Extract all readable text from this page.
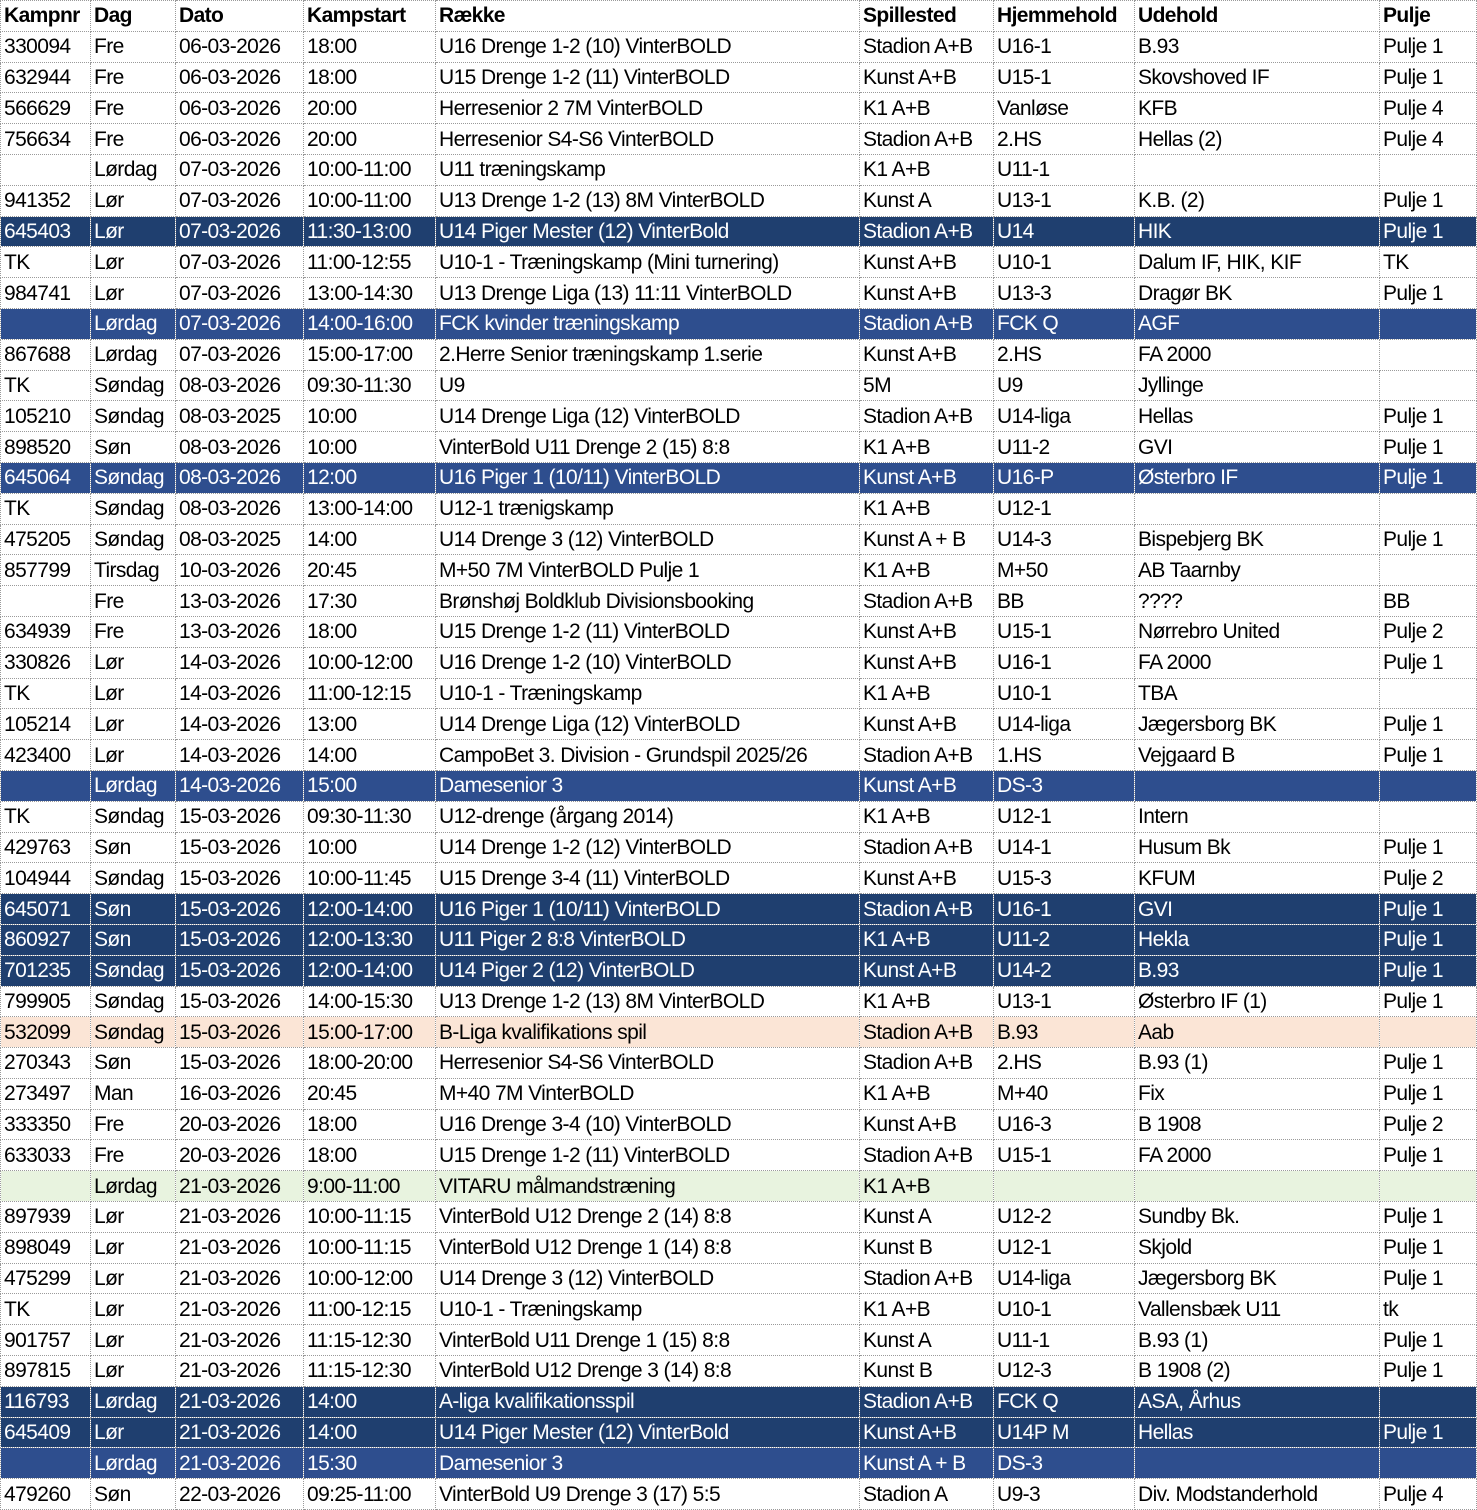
Kampnr	Dag	Dato	Kampstart	Række	Spillested	Hjemmehold	Udehold	Pulje
330094	Fre	06-03-2026	18:00	U16 Drenge 1-2 (10) VinterBOLD	Stadion A+B	U16-1	B.93	Pulje 1
632944	Fre	06-03-2026	18:00	U15 Drenge 1-2 (11) VinterBOLD	Kunst A+B	U15-1	Skovshoved IF	Pulje 1
566629	Fre	06-03-2026	20:00	Herresenior 2 7M VinterBOLD	K1 A+B	Vanløse	KFB	Pulje 4
756634	Fre	06-03-2026	20:00	Herresenior S4-S6 VinterBOLD	Stadion A+B	2.HS	Hellas (2)	Pulje 4
	Lørdag	07-03-2026	10:00-11:00	U11 træningskamp	K1 A+B	U11-1		
941352	Lør	07-03-2026	10:00-11:00	U13 Drenge 1-2 (13) 8M VinterBOLD	Kunst A	U13-1	K.B. (2)	Pulje 1
645403	Lør	07-03-2026	11:30-13:00	U14 Piger Mester (12) VinterBold	Stadion A+B	U14	HIK	Pulje 1
TK	Lør	07-03-2026	11:00-12:55	U10-1 - Træningskamp (Mini turnering)	Kunst A+B	U10-1	Dalum IF, HIK, KIF	TK
984741	Lør	07-03-2026	13:00-14:30	U13 Drenge Liga (13) 11:11 VinterBOLD	Kunst A+B	U13-3	Dragør BK	Pulje 1
	Lørdag	07-03-2026	14:00-16:00	FCK kvinder træningskamp	Stadion A+B	FCK Q	AGF	
867688	Lørdag	07-03-2026	15:00-17:00	2.Herre Senior træningskamp 1.serie	Kunst A+B	2.HS	FA 2000	
TK	Søndag	08-03-2026	09:30-11:30	U9	5M	U9	Jyllinge	
105210	Søndag	08-03-2025	10:00	U14 Drenge Liga (12) VinterBOLD	Stadion A+B	U14-liga	Hellas	Pulje 1
898520	Søn	08-03-2026	10:00	VinterBold U11 Drenge 2 (15) 8:8	K1 A+B	U11-2	GVI	Pulje 1
645064	Søndag	08-03-2026	12:00	U16 Piger 1 (10/11) VinterBOLD	Kunst A+B	U16-P	Østerbro IF	Pulje 1
TK	Søndag	08-03-2026	13:00-14:00	U12-1 trænigskamp	K1 A+B	U12-1		
475205	Søndag	08-03-2025	14:00	U14 Drenge 3 (12) VinterBOLD	Kunst A + B	U14-3	Bispebjerg BK	Pulje 1
857799	Tirsdag	10-03-2026	20:45	M+50 7M VinterBOLD Pulje 1	K1 A+B	M+50	AB Taarnby	
	Fre	13-03-2026	17:30	Brønshøj Boldklub Divisionsbooking	Stadion A+B	BB	????	BB
634939	Fre	13-03-2026	18:00	U15 Drenge 1-2 (11) VinterBOLD	Kunst A+B	U15-1	Nørrebro United	Pulje 2
330826	Lør	14-03-2026	10:00-12:00	U16 Drenge 1-2 (10) VinterBOLD	Kunst A+B	U16-1	FA 2000	Pulje 1
TK	Lør	14-03-2026	11:00-12:15	U10-1 - Træningskamp	K1 A+B	U10-1	TBA	
105214	Lør	14-03-2026	13:00	U14 Drenge Liga (12) VinterBOLD	Kunst A+B	U14-liga	Jægersborg BK	Pulje 1
423400	Lør	14-03-2026	14:00	CampoBet 3. Division - Grundspil 2025/26	Stadion A+B	1.HS	Vejgaard B	Pulje 1
	Lørdag	14-03-2026	15:00	Damesenior 3	Kunst A+B	DS-3		
TK	Søndag	15-03-2026	09:30-11:30	U12-drenge (årgang 2014)	K1 A+B	U12-1	Intern	
429763	Søn	15-03-2026	10:00	U14 Drenge 1-2 (12) VinterBOLD	Stadion A+B	U14-1	Husum Bk	Pulje 1
104944	Søndag	15-03-2026	10:00-11:45	U15 Drenge 3-4 (11) VinterBOLD	Kunst A+B	U15-3	KFUM	Pulje 2
645071	Søn	15-03-2026	12:00-14:00	U16 Piger 1 (10/11) VinterBOLD	Stadion A+B	U16-1	GVI	Pulje 1
860927	Søn	15-03-2026	12:00-13:30	U11 Piger 2 8:8 VinterBOLD	K1 A+B	U11-2	Hekla	Pulje 1
701235	Søndag	15-03-2026	12:00-14:00	U14 Piger 2 (12) VinterBOLD	Kunst A+B	U14-2	B.93	Pulje 1
799905	Søndag	15-03-2026	14:00-15:30	U13 Drenge 1-2 (13) 8M VinterBOLD	K1 A+B	U13-1	Østerbro IF (1)	Pulje 1
532099	Søndag	15-03-2026	15:00-17:00	B-Liga kvalifikations spil	Stadion A+B	B.93	Aab	
270343	Søn	15-03-2026	18:00-20:00	Herresenior S4-S6 VinterBOLD	Stadion A+B	2.HS	B.93 (1)	Pulje 1
273497	Man	16-03-2026	20:45	M+40 7M VinterBOLD	K1 A+B	M+40	Fix	Pulje 1
333350	Fre	20-03-2026	18:00	U16 Drenge 3-4 (10) VinterBOLD	Kunst A+B	U16-3	B 1908	Pulje 2
633033	Fre	20-03-2026	18:00	U15 Drenge 1-2 (11) VinterBOLD	Stadion A+B	U15-1	FA 2000	Pulje 1
	Lørdag	21-03-2026	9:00-11:00	VITARU målmandstræning	K1 A+B			
897939	Lør	21-03-2026	10:00-11:15	VinterBold U12 Drenge 2 (14) 8:8	Kunst A	U12-2	Sundby Bk.	Pulje 1
898049	Lør	21-03-2026	10:00-11:15	VinterBold U12 Drenge 1 (14) 8:8	Kunst B	U12-1	Skjold	Pulje 1
475299	Lør	21-03-2026	10:00-12:00	U14 Drenge 3 (12) VinterBOLD	Stadion A+B	U14-liga	Jægersborg BK	Pulje 1
TK	Lør	21-03-2026	11:00-12:15	U10-1 - Træningskamp	K1 A+B	U10-1	Vallensbæk U11	tk
901757	Lør	21-03-2026	11:15-12:30	VinterBold U11 Drenge 1 (15) 8:8	Kunst A	U11-1	B.93 (1)	Pulje 1
897815	Lør	21-03-2026	11:15-12:30	VinterBold U12 Drenge 3 (14) 8:8	Kunst B	U12-3	B 1908 (2)	Pulje 1
116793	Lørdag	21-03-2026	14:00	A-liga kvalifikationsspil	Stadion A+B	FCK Q	ASA, Århus	
645409	Lør	21-03-2026	14:00	U14 Piger Mester (12) VinterBold	Kunst A+B	U14P M	Hellas	Pulje 1
	Lørdag	21-03-2026	15:30	Damesenior 3	Kunst A + B	DS-3		
479260	Søn	22-03-2026	09:25-11:00	VinterBold U9 Drenge 3 (17) 5:5	Stadion A	U9-3	Div. Modstanderhold	Pulje 4
